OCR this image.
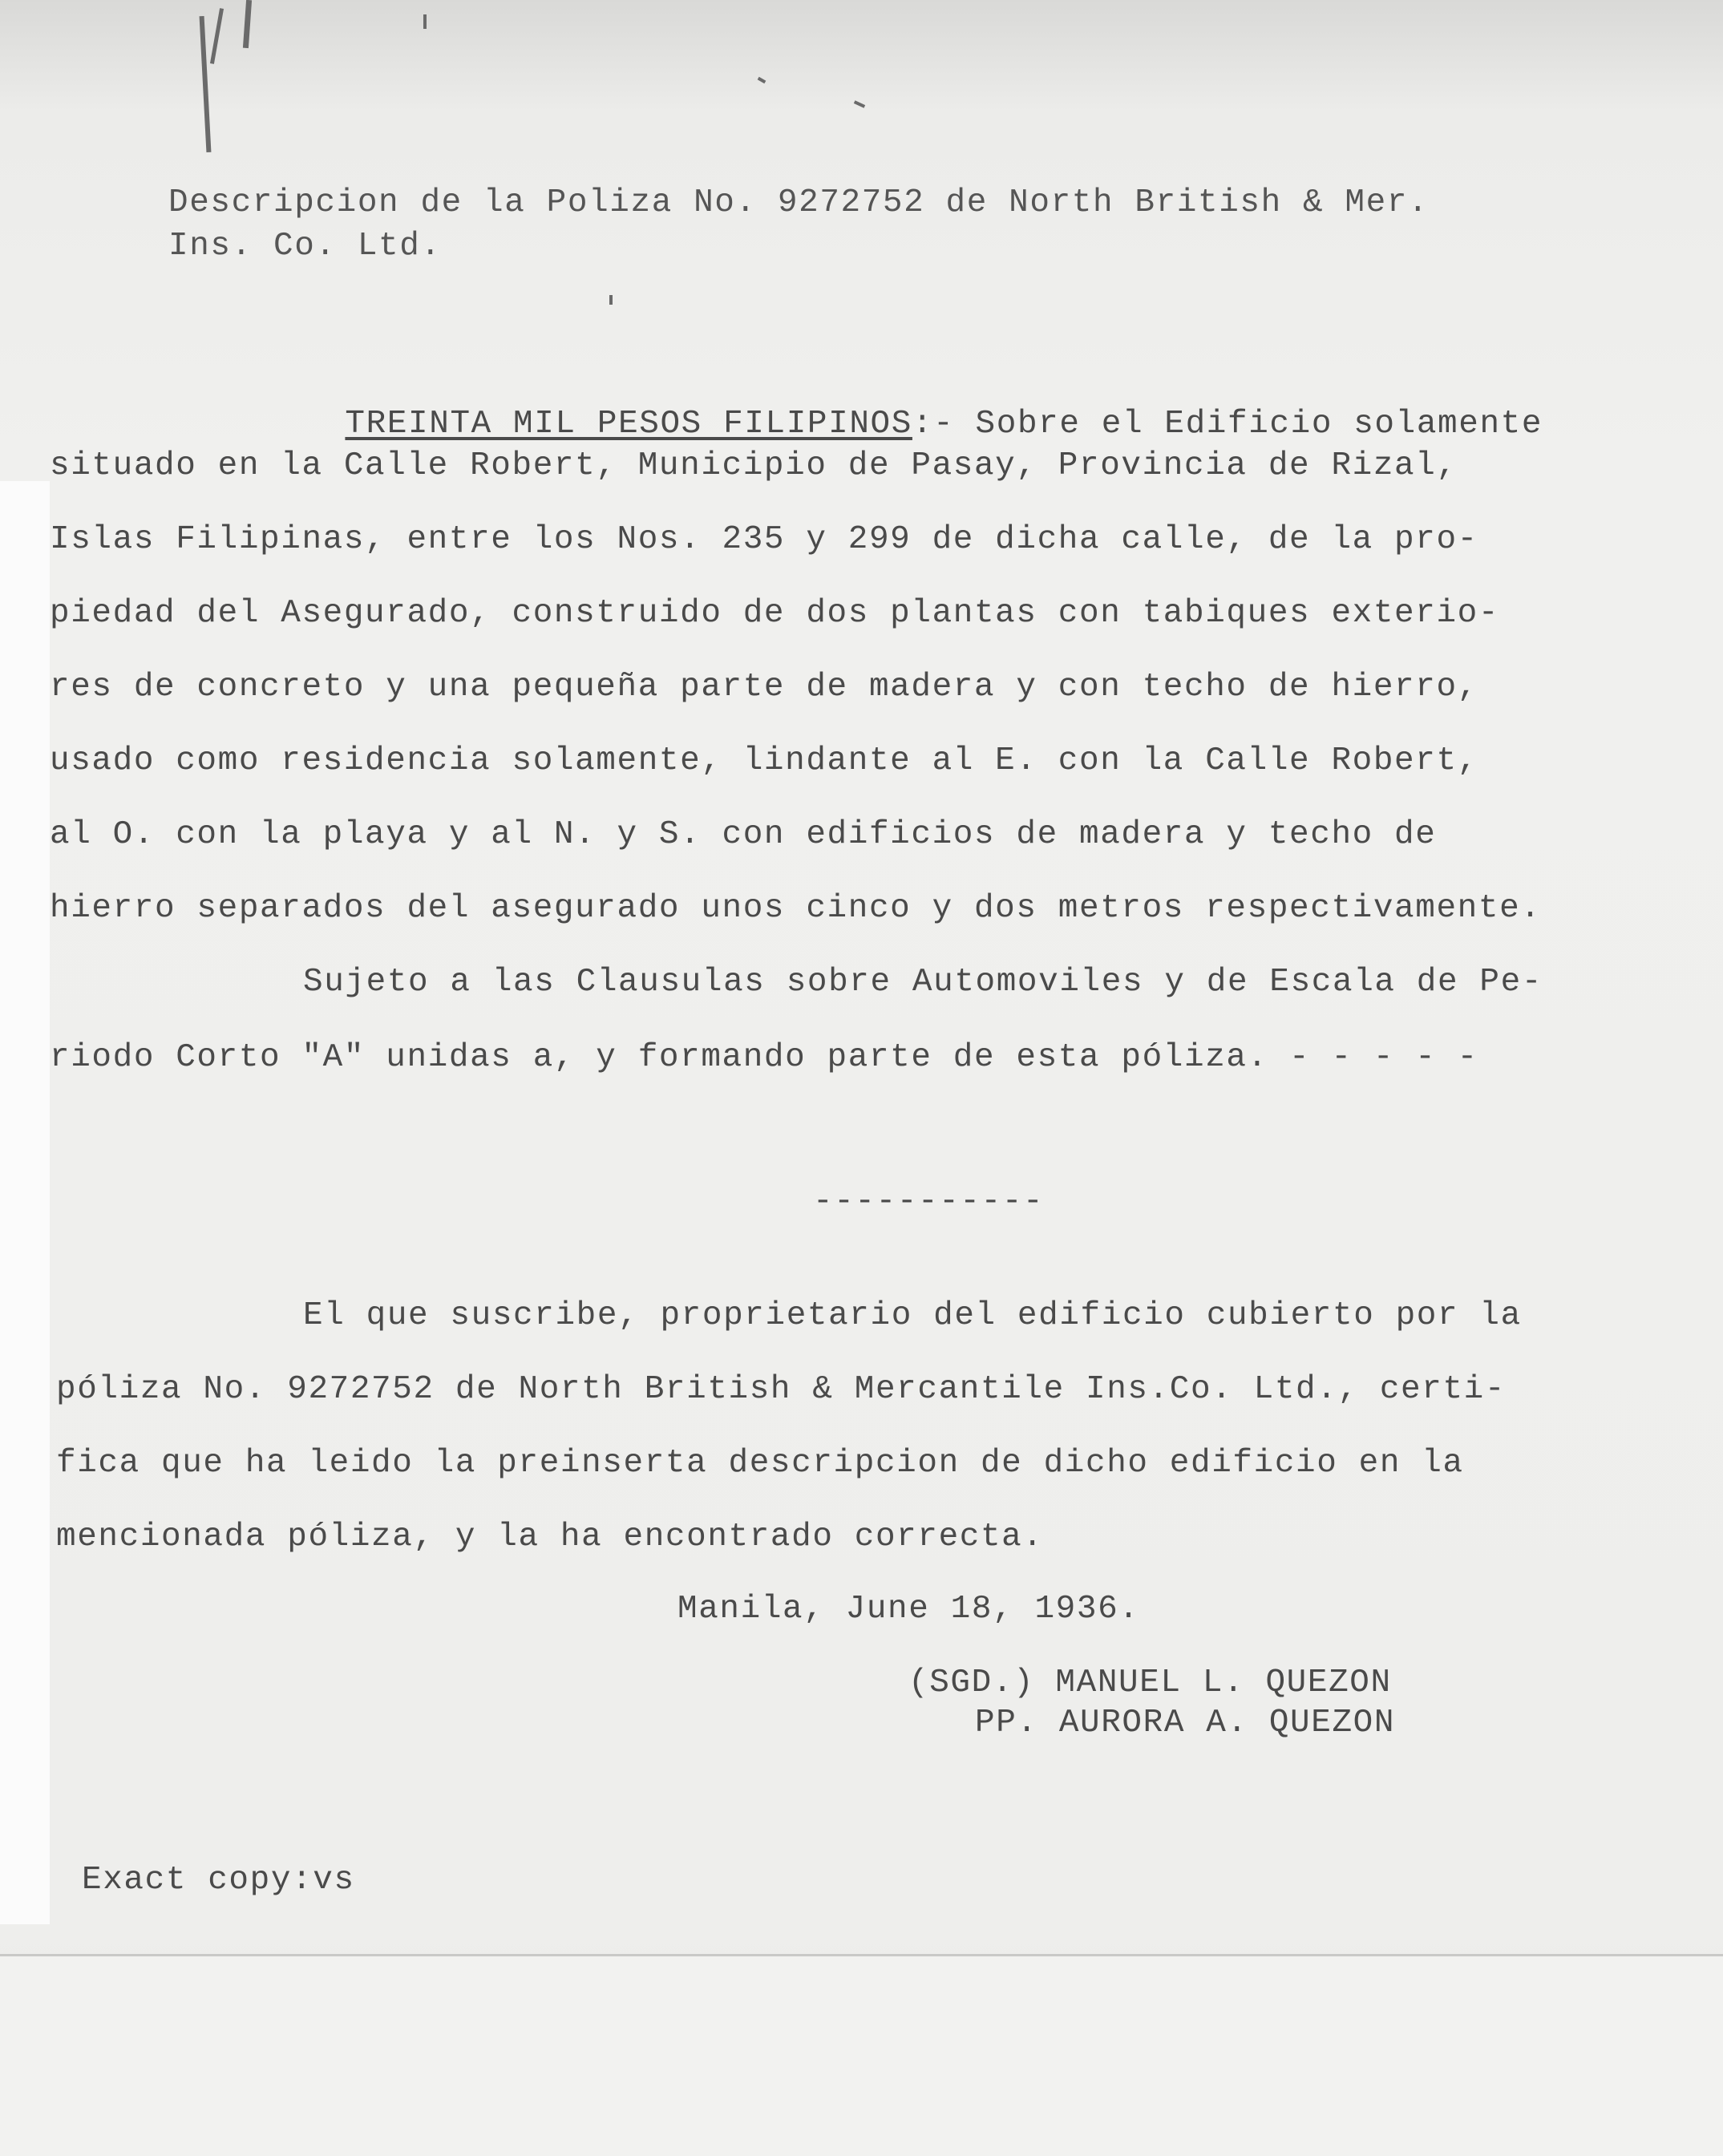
Descripcion de la Poliza No. 9272752 de North British & Mer.
Ins. Co. Ltd.

TREINTA MIL PESOS FILIPINOS:- Sobre el Edificio solamente

situado en la Calle Robert, Municipio de Pasay, Provincia de Rizal,
Islas Filipinas, entre los Nos. 235 y 299 de dicha calle, de la pro-
piedad del Asegurado, construido de dos plantas con tabiques exterio-
res de concreto y una pequeña parte de madera y con techo de hierro,
usado como residencia solamente, lindante al E. con la Calle Robert,
al O. con la playa y al N. y S. con edificios de madera y techo de
hierro separados del asegurado unos cinco y dos metros respectivamente.
Sujeto a las Clausulas sobre Automoviles y de Escala de Pe-
riodo Corto "A" unidas a, y formando parte de esta póliza. - - - - -
-----------
El que suscribe, proprietario del edificio cubierto por la
póliza No. 9272752 de North British & Mercantile Ins.Co. Ltd., certi-
fica que ha leido la preinserta descripcion de dicho edificio en la
mencionada póliza, y la ha encontrado correcta.
Manila, June 18, 1936.
(SGD.) MANUEL L. QUEZON
PP. AURORA A. QUEZON
Exact copy:vs
